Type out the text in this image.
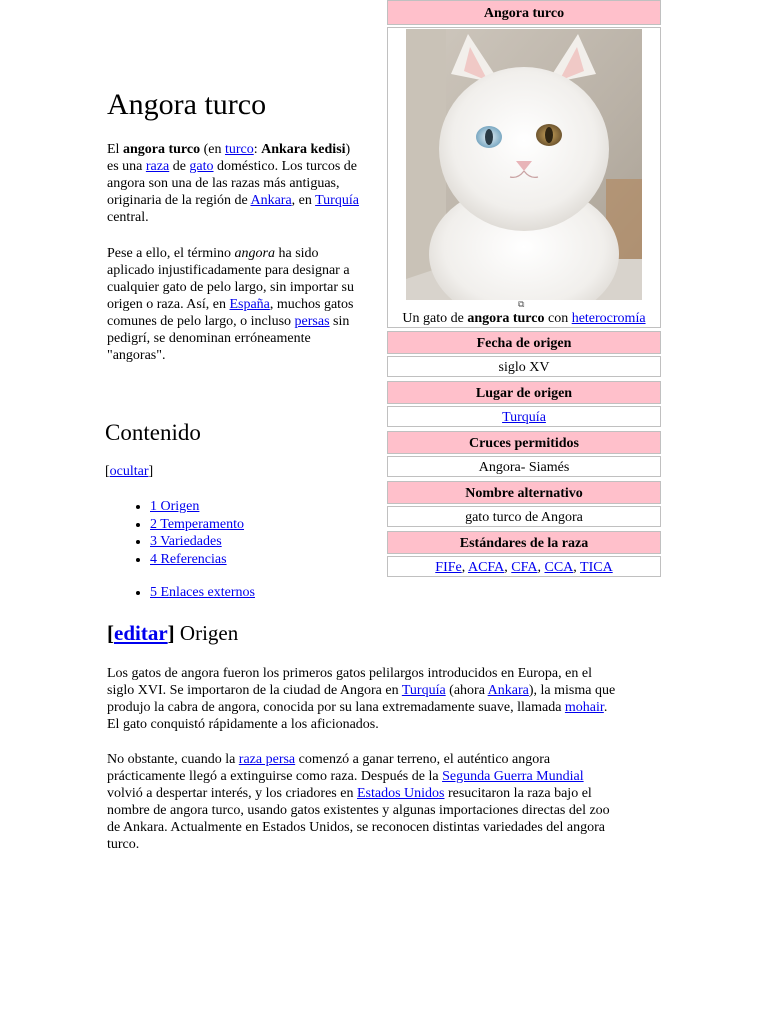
Angora turco
⧉
Un gato de angora turco con heterocromía
Fecha de origen
siglo XV
Lugar de origen
Turquía
Cruces permitidos
Angora- Siamés
Nombre alternativo
gato turco de Angora
Estándares de la raza
FIFe, ACFA, CFA, CCA, TICA
Angora turco
El angora turco (en turco: Ankara kedisi)
es una raza de gato doméstico. Los turcos de
angora son una de las razas más antiguas,
originaria de la región de Ankara, en Turquía
central.
Pese a ello, el término angora ha sido
aplicado injustificadamente para designar a
cualquier gato de pelo largo, sin importar su
origen o raza. Así, en España, muchos gatos
comunes de pelo largo, o incluso persas sin
pedigrí, se denominan erróneamente
"angoras".
Contenido
[ocultar]
• 1 Origen
• 2 Temperamento
• 3 Variedades
• 4 Referencias
• 5 Enlaces externos
[editar] Origen
Los gatos de angora fueron los primeros gatos pelilargos introducidos en Europa, en el
siglo XVI. Se importaron de la ciudad de Angora en Turquía (ahora Ankara), la misma que
produjo la cabra de angora, conocida por su lana extremadamente suave, llamada mohair.
El gato conquistó rápidamente a los aficionados.
No obstante, cuando la raza persa comenzó a ganar terreno, el auténtico angora
prácticamente llegó a extinguirse como raza. Después de la Segunda Guerra Mundial
volvió a despertar interés, y los criadores en Estados Unidos resucitaron la raza bajo el
nombre de angora turco, usando gatos existentes y algunas importaciones directas del zoo
de Ankara. Actualmente en Estados Unidos, se reconocen distintas variedades del angora
turco.
